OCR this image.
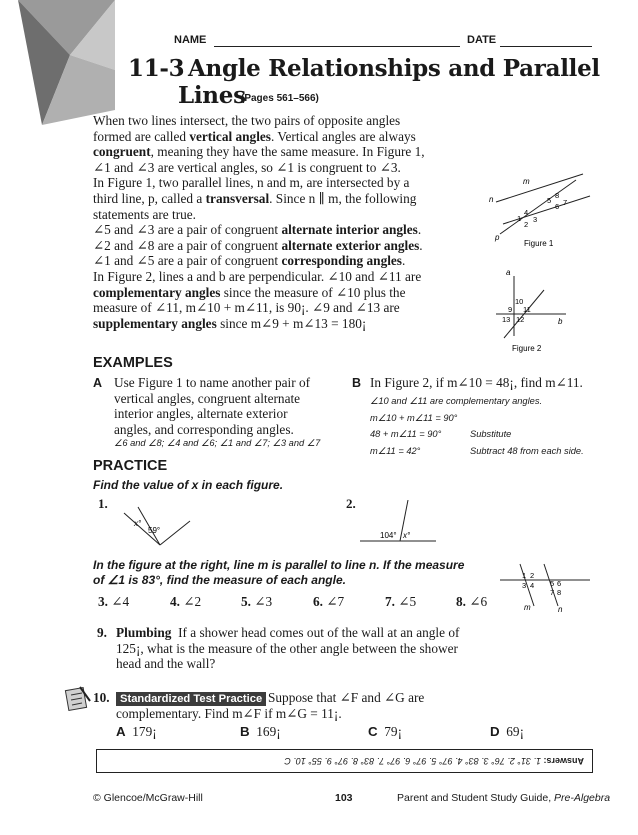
NAME	DATE
11-3 Angle Relationships and Parallel
Lines
(Pages 561–566)

When two lines intersect, the two pairs of opposite angles

formed are called vertical angles. Vertical angles are always

congruent, meaning they have the same measure. In Figure 1,

∠1 and ∠3 are vertical angles, so ∠1 is congruent to ∠3.

In Figure 1, two parallel lines, n and m, are intersected by a

third line, p, called a transversal. Since n ∥ m, the following

statements are true.

∠5 and ∠3 are a pair of congruent alternate interior angles.

∠2 and ∠8 are a pair of congruent alternate exterior angles.

∠1 and ∠5 are a pair of congruent corresponding angles.

In Figure 2, lines a and b are perpendicular. ∠10 and ∠11 are

complementary angles since the measure of ∠10 plus the

measure of ∠11, m∠10 + m∠11, is 90¡. ∠9 and ∠13 are

supplementary angles since m∠9 + m∠13 = 180¡

m
n
p
1
2
3
4
5
6 7
8
Figure 1
a
b
9
10
11
12
13
Figure 2
EXAMPLES
A Use Figure 1 to name another pair of

vertical angles, congruent alternate

interior angles, alternate exterior

angles, and corresponding angles.

∠6 and ∠8; ∠4 and ∠6; ∠1 and ∠7; ∠3 and ∠7
B In Figure 2, if m∠10 = 48¡, find m∠11.
∠10 and ∠11 are complementary angles.
m∠10 + m∠11 = 90°
48 + m∠11 = 90°	Substitute
m∠11 = 42°	Subtract 48 from each side.
PRACTICE
Find the value of x in each figure.
1.
x°
59°
2.
104° x°
In the figure at the right, line m is parallel to line n. If the measure
of ∠1 is 83°, find the measure of each angle.	1 2
3 4 5 6
7 8
m	n
3. ∠4	4. ∠2	5. ∠3	6. ∠7	7. ∠5	8. ∠6
9. Plumbing If a shower head comes out of the wall at an angle of

125¡, what is the measure of the other angle between the shower

head and the wall?

10. Standardized Test Practice Suppose that ∠F and ∠G are
complementary. Find m∠F if m∠G = 11¡.
A 179¡	B 169¡	C 79¡	D 69¡
Answers:

1. 31° 2. 76° 3. 83° 4. 97° 5. 97° 6. 97° 7. 83° 8. 97° 9. 55° 10. C
© Glencoe/McGraw-Hill	103	Parent and Student Study Guide, Pre-Algebra
